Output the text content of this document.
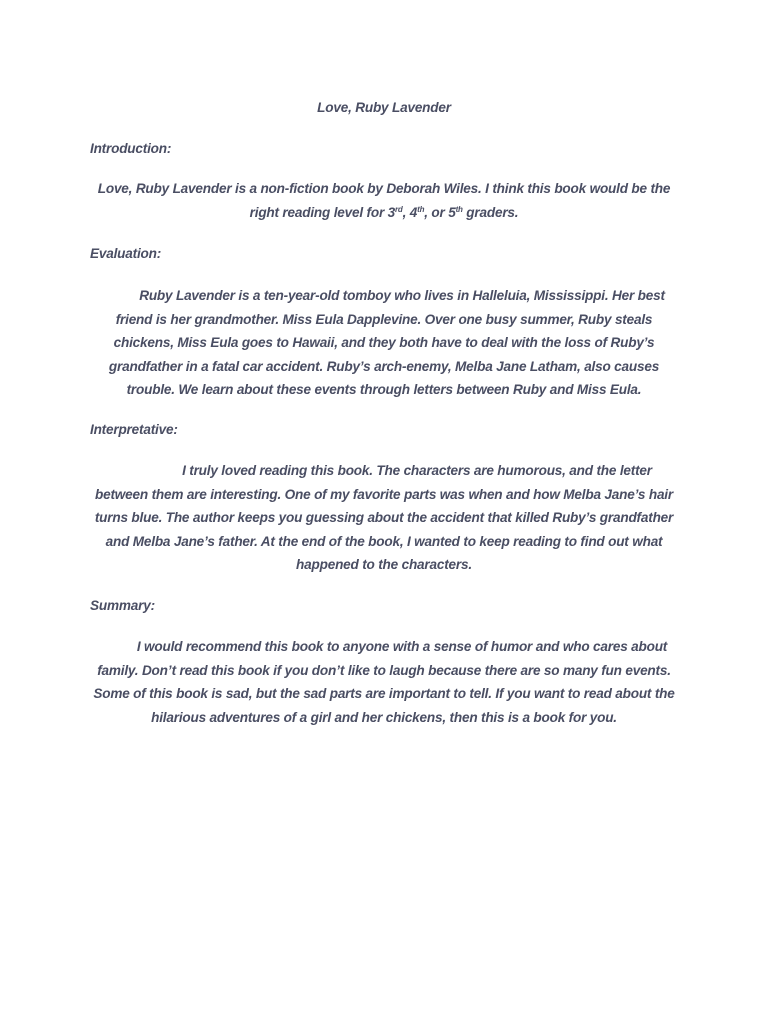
Love, Ruby Lavender
Introduction:
Love, Ruby Lavender is a non-fiction book by Deborah Wiles. I think this book would be the right reading level for 3rd, 4th, or 5th graders.
Evaluation:
Ruby Lavender is a ten-year-old tomboy who lives in Halleluia, Mississippi. Her best friend is her grandmother. Miss Eula Dapplevine. Over one busy summer, Ruby steals chickens, Miss Eula goes to Hawaii, and they both have to deal with the loss of Ruby’s grandfather in a fatal car accident. Ruby’s arch-enemy, Melba Jane Latham, also causes trouble. We learn about these events through letters between Ruby and Miss Eula.
Interpretative:
I truly loved reading this book. The characters are humorous, and the letter between them are interesting. One of my favorite parts was when and how Melba Jane’s hair turns blue. The author keeps you guessing about the accident that killed Ruby’s grandfather and Melba Jane’s father. At the end of the book, I wanted to keep reading to find out what happened to the characters.
Summary:
I would recommend this book to anyone with a sense of humor and who cares about family. Don’t read this book if you don’t like to laugh because there are so many fun events. Some of this book is sad, but the sad parts are important to tell. If you want to read about the hilarious adventures of a girl and her chickens, then this is a book for you.
